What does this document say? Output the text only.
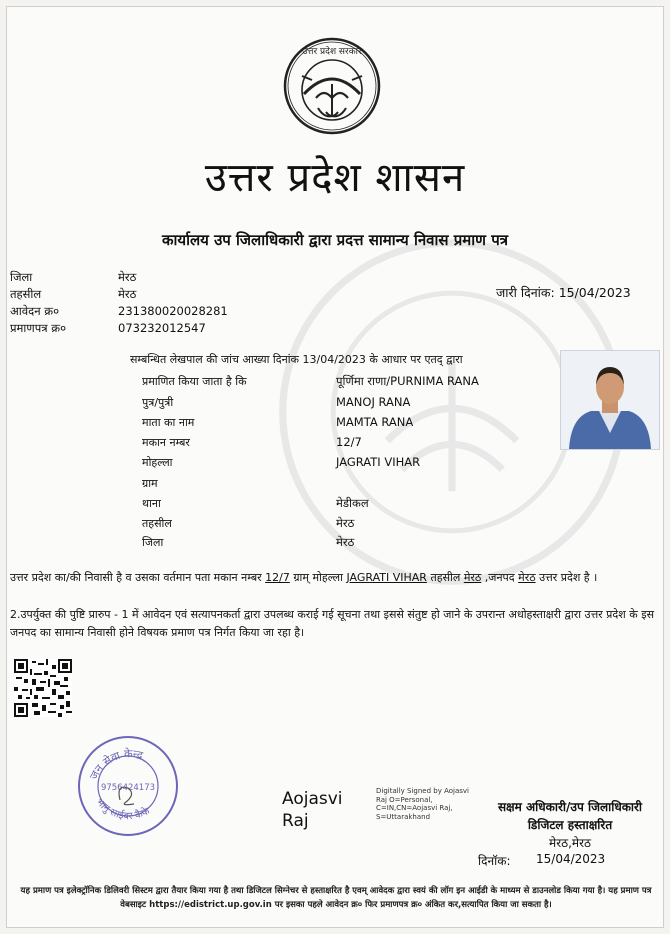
उत्तर प्रदेश सरकार
उत्तर प्रदेश शासन
कार्यालय उप जिलाधिकारी द्वारा प्रदत्त सामान्य निवास प्रमाण पत्र
जिला	मेरठ
तहसील	मेरठ
आवेदन क्र०	231380020028281
प्रमाणपत्र क्र०	073232012547
जारी दिनांक: 15/04/2023
सम्बन्धित लेखपाल की जांच आख्या दिनांक 13/04/2023 के आधार पर एतद् द्वारा
प्रमाणित किया जाता है कि	पूर्णिमा राणा/PURNIMA RANA
पुत्र/पुत्री	MANOJ RANA
माता का नाम	MAMTA RANA
मकान नम्बर	12/7
मोहल्ला	JAGRATI VIHAR
ग्राम
थाना	मेडीकल
तहसील	मेरठ
जिला	मेरठ
उत्तर प्रदेश का/की निवासी है व उसका वर्तमान पता मकान नम्बर 12/7 ग्राम् मोहल्ला JAGRATI VIHAR तहसील मेरठ ,जनपद मेरठ उत्तर प्रदेश है ।
2.उपर्युक्त की पुष्टि प्रारुप - 1 में आवेदन एवं सत्यापनकर्ता द्वारा उपलब्ध कराई गई सूचना तथा इससे संतुष्ट हो जाने के उपरान्त अधोहस्ताक्षरी द्वारा उत्तर प्रदेश के इस जनपद का सामान्य निवासी होने विषयक प्रमाण पत्र निर्गत किया जा रहा है।
जन सेवा केन्द्र
भानु साईबर कैफे
9756424173
Aojasvi
Raj
Digitally Signed by Aojasvi
Raj O=Personal,
C=IN,CN=Aojasvi Raj,
S=Uttarakhand
सक्षम अधिकारी/उप जिलाधिकारी
डिजिटल हस्ताक्षरित
मेरठ,मेरठ
दिनॉक: 15/04/2023
यह प्रमाण पत्र इलेक्ट्रॉनिक डिलिवरी सिस्टम द्वारा तैयार किया गया है तथा डिजिटल सिग्नेचर से हस्ताक्षरित है एवम् आवेदक द्वारा स्वयं की लॉग इन आईडी के माध्यम से डाउनलोड किया गया है। यह प्रमाण पत्र वेबसाइट https://edistrict.up.gov.in पर इसका पहले आवेदन क्र० फिर प्रमाणपत्र क्र० अंकित कर,सत्यापित किया जा सकता है।
